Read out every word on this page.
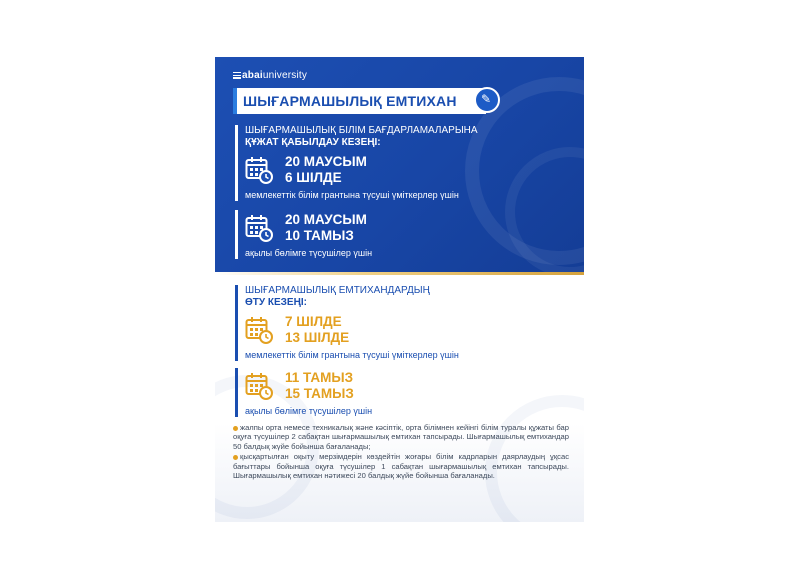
abaiuniversity
ШЫҒАРМАШЫЛЫҚ ЕМТИХАН	✎
ШЫҒАРМАШЫЛЫҚ БІЛІМ БАҒДАРЛАМАЛАРЫНА
ҚҰЖАТ ҚАБЫЛДАУ КЕЗЕҢІ:
20 МАУСЫМ
6 ШІЛДЕ
мемлекеттік білім грантына түсуші үміткерлер үшін
20 МАУСЫМ
10 ТАМЫЗ
ақылы бөлімге түсушілер үшін
ШЫҒАРМАШЫЛЫҚ ЕМТИХАНДАРДЫҢ
ӨТУ КЕЗЕҢІ:
7 ШІЛДЕ
13 ШІЛДЕ
мемлекеттік білім грантына түсуші үміткерлер үшін
11 ТАМЫЗ
15 ТАМЫЗ
ақылы бөлімге түсушілер үшін

жалпы орта немесе техникалық және кәсіптік, орта білімнен кейінгі білім туралы құжаты бар оқуға түсушілер 2 сабақтан шығармашылық емтихан тапсырады. Шығармашылық емтихандар 50 балдық жүйе бойынша бағаланады;

қысқартылған оқыту мерзімдерін көздейтін жоғары білім кадрларын даярлаудың ұқсас бағыттары бойынша оқуға түсушілер 1 сабақтан шығармашылық емтихан тапсырады. Шығармашылық емтихан нәтижесі 20 балдық жүйе бойынша бағаланады.
